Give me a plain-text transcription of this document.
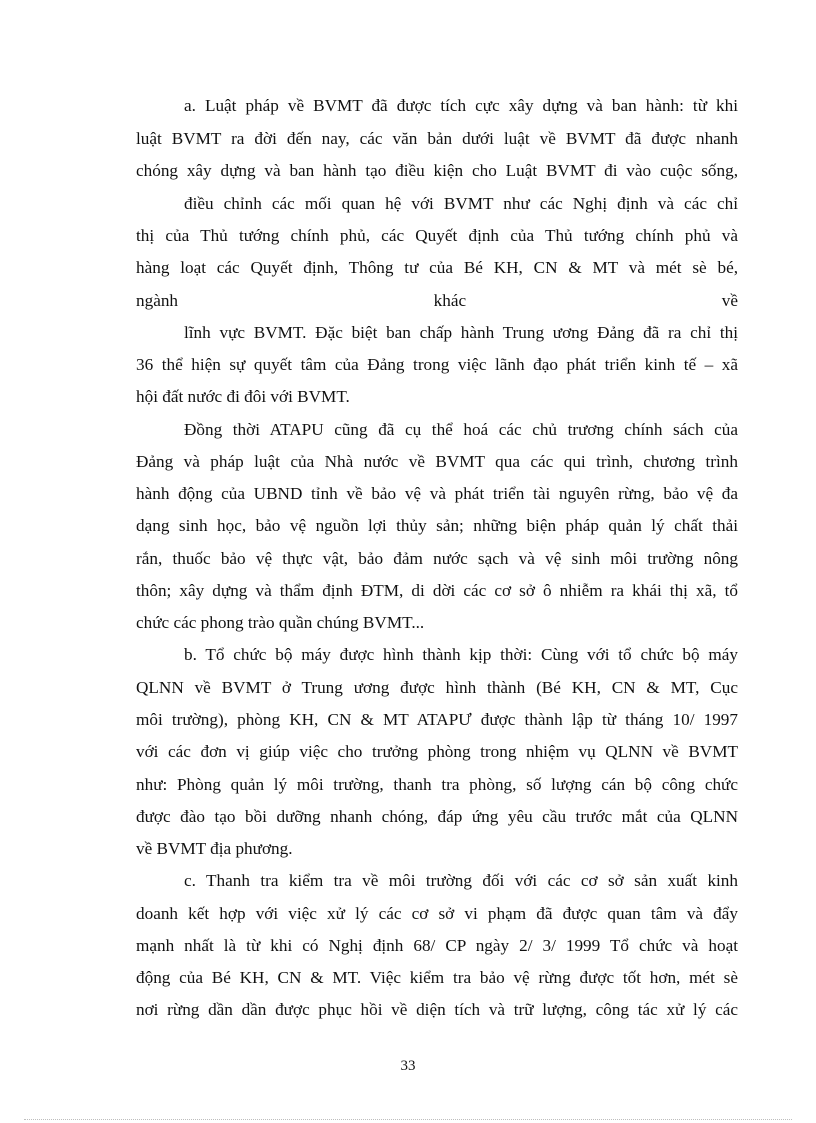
a. Luật pháp về BVMT đã được tích cực xây dựng và ban hành: từ khi

luật BVMT ra đời đến nay, các văn bản dưới luật về BVMT đã được nhanh

chóng xây dựng và ban hành tạo điều kiện cho Luật BVMT đi vào cuộc sống,

điều chỉnh các mối quan hệ với BVMT như các Nghị định và các chỉ

thị của Thủ tướng chính phủ, các Quyết định của Thủ tướng chính phủ và

hàng loạt các Quyết định, Thông tư của Bé KH, CN & MT và mét sè bé,

ngành	khác	về

lĩnh vực BVMT. Đặc biệt ban chấp hành Trung ương Đảng đã ra chỉ thị

36 thể hiện sự quyết tâm của Đảng trong việc lãnh đạo phát triển kinh tế – xã

hội đất nước đi đôi với BVMT.

Đồng thời ATAPU cũng đã cụ thể hoá các chủ trương chính sách của

Đảng và pháp luật của Nhà nước về BVMT qua các qui trình, chương trình

hành động của UBND tỉnh về bảo vệ và phát triển tài nguyên rừng, bảo vệ đa

dạng sinh học, bảo vệ nguồn lợi thủy sản; những biện pháp quản lý chất thải

rắn, thuốc bảo vệ thực vật, bảo đảm nước sạch và vệ sinh môi trường nông

thôn; xây dựng và thẩm định ĐTM, di dời các cơ sở ô nhiễm ra khái thị xã, tổ

chức các phong trào quần chúng BVMT...

b. Tổ chức bộ máy được hình thành kịp thời: Cùng với tổ chức bộ máy

QLNN về BVMT ở Trung ương được hình thành (Bé KH, CN & MT, Cục

môi trường), phòng KH, CN & MT ATAPƯ được thành lập từ tháng 10/ 1997

với các đơn vị giúp việc cho trưởng phòng trong nhiệm vụ QLNN về BVMT

như: Phòng quản lý môi trường, thanh tra phòng, số lượng cán bộ công chức

được đào tạo bồi dưỡng nhanh chóng, đáp ứng yêu cầu trước mắt của QLNN

về BVMT địa phương.

c. Thanh tra kiểm tra về môi trường đối với các cơ sở sản xuất kinh

doanh kết hợp với việc xử lý các cơ sở vi phạm đã được quan tâm và đẩy

mạnh nhất là từ khi có Nghị định 68/ CP ngày 2/ 3/ 1999 Tổ chức và hoạt

động của Bé KH, CN & MT. Việc kiểm tra bảo vệ rừng được tốt hơn, mét sè

nơi rừng dần dần được phục hồi về diện tích và trữ lượng, công tác xử lý các

33
